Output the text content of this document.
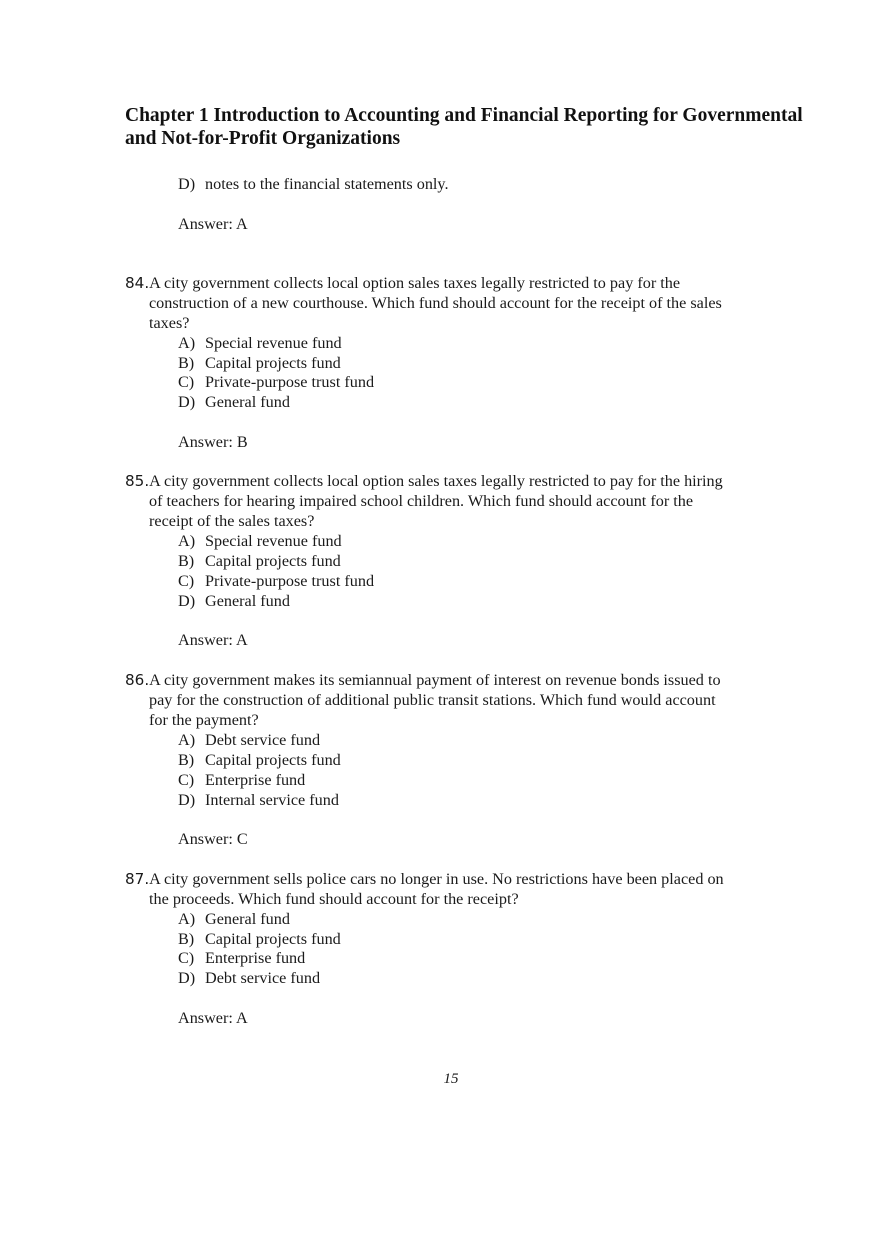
Chapter 1 Introduction to Accounting and Financial Reporting for Governmental and Not-for-Profit Organizations

D) notes to the financial statements only.

Answer: A

84.A city government collects local option sales taxes legally restricted to pay for the

construction of a new courthouse. Which fund should account for the receipt of the sales

taxes?

A) Special revenue fund

B) Capital projects fund

C) Private-purpose trust fund

D) General fund

Answer: B

85.A city government collects local option sales taxes legally restricted to pay for the hiring

of teachers for hearing impaired school children. Which fund should account for the

receipt of the sales taxes?

A) Special revenue fund

B) Capital projects fund

C) Private-purpose trust fund

D) General fund

Answer: A

86.A city government makes its semiannual payment of interest on revenue bonds issued to

pay for the construction of additional public transit stations. Which fund would account

for the payment?

A) Debt service fund

B) Capital projects fund

C) Enterprise fund

D) Internal service fund

Answer: C

87.A city government sells police cars no longer in use. No restrictions have been placed on

the proceeds. Which fund should account for the receipt?

A) General fund

B) Capital projects fund

C) Enterprise fund

D) Debt service fund

Answer: A

15
